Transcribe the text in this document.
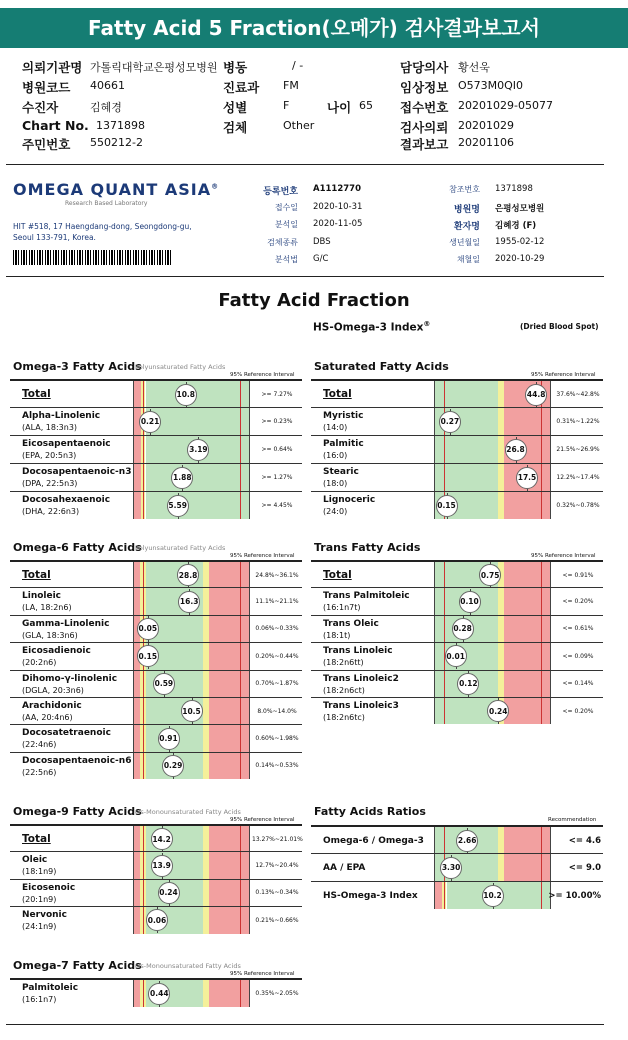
Fatty Acid 5 Fraction(오메가) 검사결과보고서
의뢰기관명 가톨릭대학교은평성모병원 병동	/ -	담당의사 황선욱
병원코드 40661	진료과 FM	임상정보 O573M0QI0
수진자	김혜경	성별	F	나이 65 접수번호 20201029-05077
Chart No. 1371898	검체	Other	검사의뢰 20201029
주민번호 550212-2	결과보고 20201106
OMEGA QUANT ASIA®
Research Based Laboratory
HIT #518, 17 Haengdang-dong, Seongdong-gu,
Seoul 133-791, Korea.
등록번호 A1112770	참조번호 1371898
접수일 2020-10-31	병원명 은평성모병원
분석일 2020-11-05	환자명 김혜경 (F)
검체종류 DBS	생년월일 1955-02-12
분석법 G/C	채혈일 2020-10-29
Fatty Acid Fraction
HS-Omega-3 Index®	(Dried Blood Spot)
Omega-3 Fatty Acids
Polyunsaturated Fatty Acids
95% Reference Interval
Total	10.8	>= 7.27%
Alpha-Linolenic
(ALA, 18:3n3)
0.21	>= 0.23%
Eicosapentaenoic
(EPA, 20:5n3)
3.19	>= 0.64%
Docosapentaenoic-n3
(DPA, 22:5n3)
1.88	>= 1.27%
Docosahexaenoic
(DHA, 22:6n3)
5.59	>= 4.45%
Saturated Fatty Acids
95% Reference Interval
Total	44.8	37.6%~42.8%
Myristic
(14:0)
0.27	0.31%~1.22%
Palmitic
(16:0)
26.8	21.5%~26.9%
Stearic
(18:0)
17.5	12.2%~17.4%
Lignoceric
(24:0)
0.15	0.32%~0.78%
Omega-6 Fatty Acids
Polyunsaturated Fatty Acids
95% Reference Interval
Total	28.8	24.8%~36.1%
Linoleic
(LA, 18:2n6)
16.3	11.1%~21.1%
Gamma-Linolenic
(GLA, 18:3n6)
0.05	0.06%~0.33%
Eicosadienoic
(20:2n6)
0.15	0.20%~0.44%
Dihomo-γ-linolenic
(DGLA, 20:3n6)
0.59	0.70%~1.87%
Arachidonic
(AA, 20:4n6)
10.5	8.0%~14.0%
Docosatetraenoic
(22:4n6)
0.91	0.60%~1.98%
Docosapentaenoic-n6
(22:5n6)
0.29	0.14%~0.53%
Trans Fatty Acids
95% Reference Interval
Total	0.75	<= 0.91%
Trans Palmitoleic
(16:1n7t)
0.10	<= 0.20%
Trans Oleic
(18:1t)
0.28	<= 0.61%
Trans Linoleic
(18:2n6tt)
0.01	<= 0.09%
Trans Linoleic2
(18:2n6ct)
0.12	<= 0.14%
Trans Linoleic3
(18:2n6tc)
0.24	<= 0.20%
Omega-9 Fatty Acids
cis-Monounsaturated Fatty Acids
95% Reference Interval
Total	14.2	13.27%~21.01%
Oleic
(18:1n9)
13.9	12.7%~20.4%
Eicosenoic
(20:1n9)
0.24	0.13%~0.34%
Nervonic
(24:1n9)
0.06	0.21%~0.66%
Omega-7 Fatty Acids
cis-Monounsaturated Fatty Acids
95% Reference Interval
Palmitoleic
(16:1n7)
0.44	0.35%~2.05%
Fatty Acids Ratios
Recommendation
Omega-6 / Omega-3	2.66	<= 4.6
AA / EPA	3.30	<= 9.0
HS-Omega-3 Index	10.2	>= 10.00%
